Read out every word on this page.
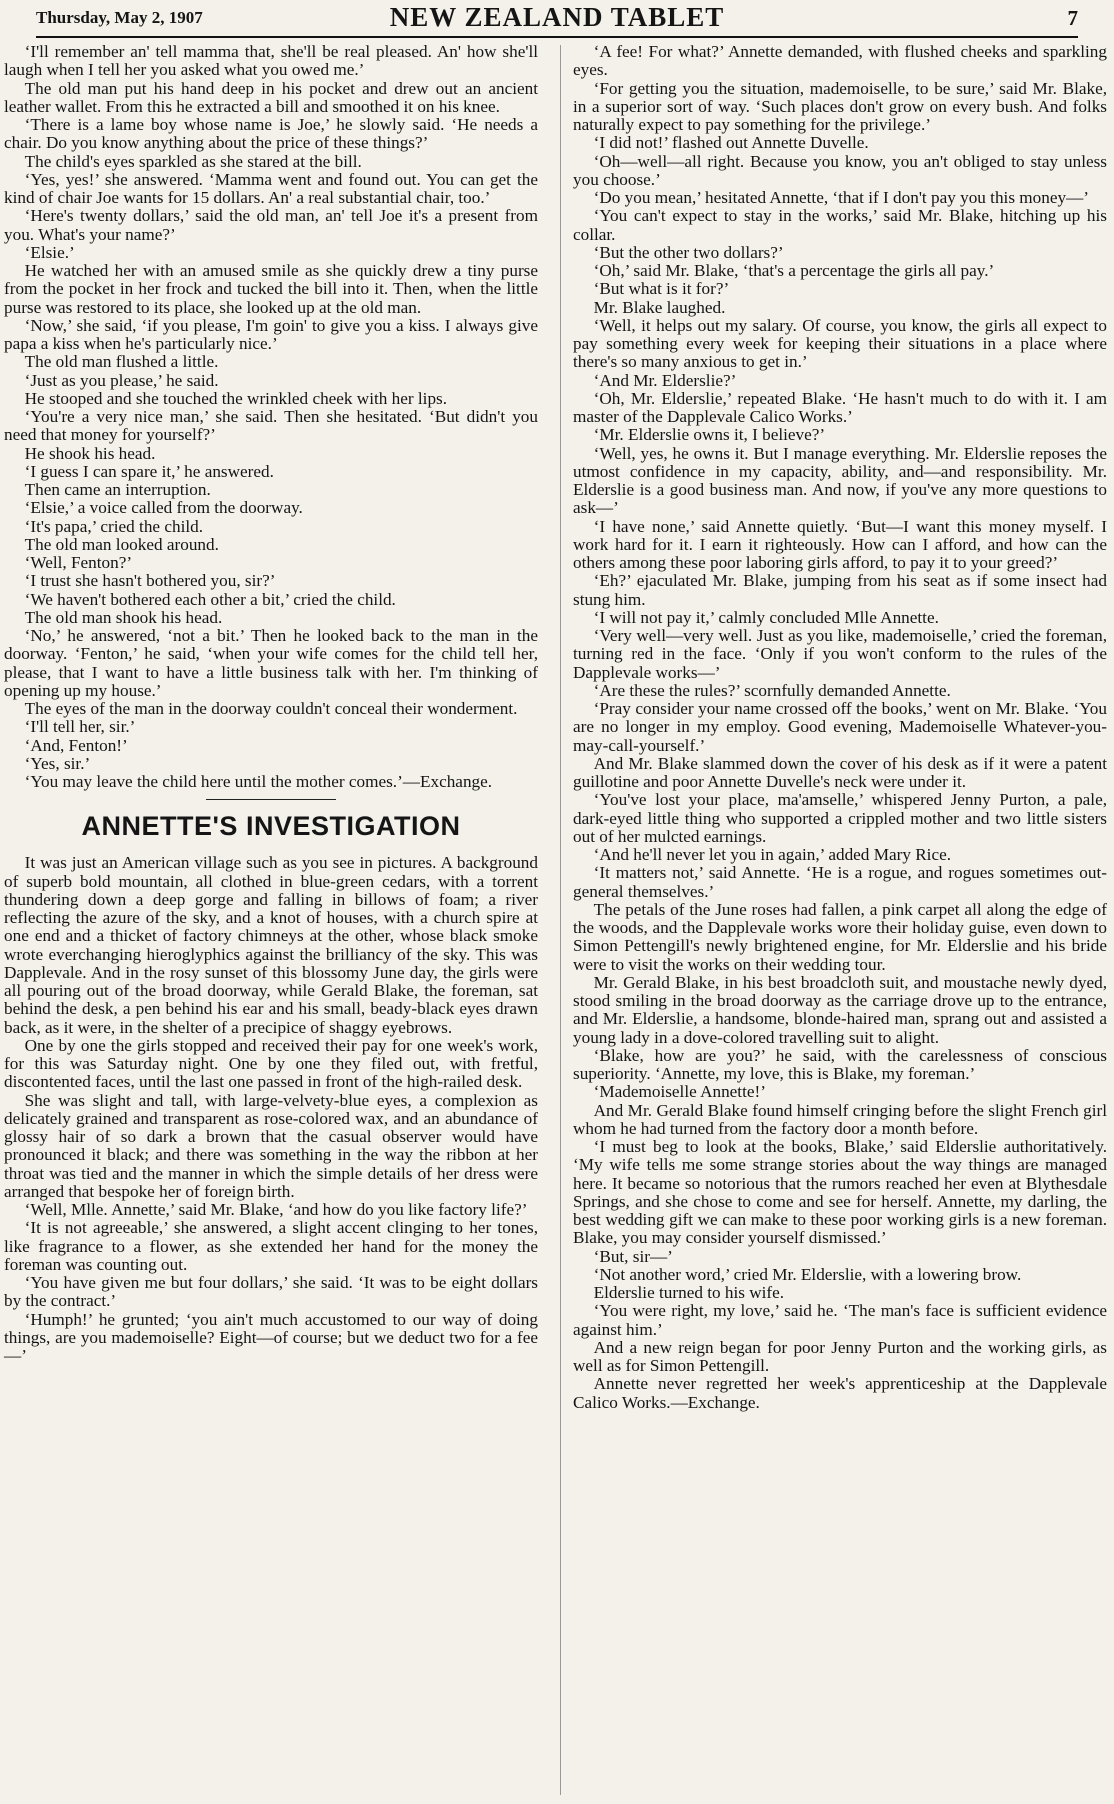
Thursday, May 2, 1907	NEW ZEALAND TABLET	7

‘I'll remember an' tell mamma that, she'll be real pleased. An' how she'll laugh when I tell her you asked what you owed me.’

The old man put his hand deep in his pocket and drew out an ancient leather wallet. From this he extracted a bill and smoothed it on his knee.

‘There is a lame boy whose name is Joe,’ he slowly said. ‘He needs a chair. Do you know anything about the price of these things?’

The child's eyes sparkled as she stared at the bill.

‘Yes, yes!’ she answered. ‘Mamma went and found out. You can get the kind of chair Joe wants for 15 dollars. An' a real substantial chair, too.’

‘Here's twenty dollars,’ said the old man, an' tell Joe it's a present from you. What's your name?’

‘Elsie.’

He watched her with an amused smile as she quickly drew a tiny purse from the pocket in her frock and tucked the bill into it. Then, when the little purse was restored to its place, she looked up at the old man.

‘Now,’ she said, ‘if you please, I'm goin' to give you a kiss. I always give papa a kiss when he's particularly nice.’

The old man flushed a little.

‘Just as you please,’ he said.

He stooped and she touched the wrinkled cheek with her lips.

‘You're a very nice man,’ she said. Then she hesitated. ‘But didn't you need that money for yourself?’

He shook his head.

‘I guess I can spare it,’ he answered.

Then came an interruption.

‘Elsie,’ a voice called from the doorway.

‘It's papa,’ cried the child.

The old man looked around.

‘Well, Fenton?’

‘I trust she hasn't bothered you, sir?’

‘We haven't bothered each other a bit,’ cried the child.

The old man shook his head.

‘No,’ he answered, ‘not a bit.’ Then he looked back to the man in the doorway. ‘Fenton,’ he said, ‘when your wife comes for the child tell her, please, that I want to have a little business talk with her. I'm thinking of opening up my house.’

The eyes of the man in the doorway couldn't conceal their wonderment.

‘I'll tell her, sir.’

‘And, Fenton!’

‘Yes, sir.’

‘You may leave the child here until the mother comes.’—Exchange.

ANNETTE'S INVESTIGATION

It was just an American village such as you see in pictures. A background of superb bold mountain, all clothed in blue-green cedars, with a torrent thundering down a deep gorge and falling in billows of foam; a river reflecting the azure of the sky, and a knot of houses, with a church spire at one end and a thicket of factory chimneys at the other, whose black smoke wrote everchanging hieroglyphics against the brilliancy of the sky. This was Dapplevale. And in the rosy sunset of this blossomy June day, the girls were all pouring out of the broad doorway, while Gerald Blake, the foreman, sat behind the desk, a pen behind his ear and his small, beady-black eyes drawn back, as it were, in the shelter of a precipice of shaggy eyebrows.

One by one the girls stopped and received their pay for one week's work, for this was Saturday night. One by one they filed out, with fretful, discontented faces, until the last one passed in front of the high-railed desk.

She was slight and tall, with large-velvety-blue eyes, a complexion as delicately grained and transparent as rose-colored wax, and an abundance of glossy hair of so dark a brown that the casual observer would have pronounced it black; and there was something in the way the ribbon at her throat was tied and the manner in which the simple details of her dress were arranged that bespoke her of foreign birth.

‘Well, Mlle. Annette,’ said Mr. Blake, ‘and how do you like factory life?’

‘It is not agreeable,’ she answered, a slight accent clinging to her tones, like fragrance to a flower, as she extended her hand for the money the foreman was counting out.

‘You have given me but four dollars,’ she said. ‘It was to be eight dollars by the contract.’

‘Humph!’ he grunted; ‘you ain't much accustomed to our way of doing things, are you mademoiselle? Eight—of course; but we deduct two for a fee—’

‘A fee! For what?’ Annette demanded, with flushed cheeks and sparkling eyes.

‘For getting you the situation, mademoiselle, to be sure,’ said Mr. Blake, in a superior sort of way. ‘Such places don't grow on every bush. And folks naturally expect to pay something for the privilege.’

‘I did not!’ flashed out Annette Duvelle.

‘Oh—well—all right. Because you know, you an't obliged to stay unless you choose.’

‘Do you mean,’ hesitated Annette, ‘that if I don't pay you this money—’

‘You can't expect to stay in the works,’ said Mr. Blake, hitching up his collar.

‘But the other two dollars?’

‘Oh,’ said Mr. Blake, ‘that's a percentage the girls all pay.’

‘But what is it for?’

Mr. Blake laughed.

‘Well, it helps out my salary. Of course, you know, the girls all expect to pay something every week for keeping their situations in a place where there's so many anxious to get in.’

‘And Mr. Elderslie?’

‘Oh, Mr. Elderslie,’ repeated Blake. ‘He hasn't much to do with it. I am master of the Dapplevale Calico Works.’

‘Mr. Elderslie owns it, I believe?’

‘Well, yes, he owns it. But I manage everything. Mr. Elderslie reposes the utmost confidence in my capacity, ability, and—and responsibility. Mr. Elderslie is a good business man. And now, if you've any more questions to ask—’

‘I have none,’ said Annette quietly. ‘But—I want this money myself. I work hard for it. I earn it righteously. How can I afford, and how can the others among these poor laboring girls afford, to pay it to your greed?’

‘Eh?’ ejaculated Mr. Blake, jumping from his seat as if some insect had stung him.

‘I will not pay it,’ calmly concluded Mlle Annette.

‘Very well—very well. Just as you like, mademoiselle,’ cried the foreman, turning red in the face. ‘Only if you won't conform to the rules of the Dapplevale works—’

‘Are these the rules?’ scornfully demanded Annette.

‘Pray consider your name crossed off the books,’ went on Mr. Blake. ‘You are no longer in my employ. Good evening, Mademoiselle Whatever-you-may-call-yourself.’

And Mr. Blake slammed down the cover of his desk as if it were a patent guillotine and poor Annette Duvelle's neck were under it.

‘You've lost your place, ma'amselle,’ whispered Jenny Purton, a pale, dark-eyed little thing who supported a crippled mother and two little sisters out of her mulcted earnings.

‘And he'll never let you in again,’ added Mary Rice.

‘It matters not,’ said Annette. ‘He is a rogue, and rogues sometimes out-general themselves.’

The petals of the June roses had fallen, a pink carpet all along the edge of the woods, and the Dapplevale works wore their holiday guise, even down to Simon Pettengill's newly brightened engine, for Mr. Elderslie and his bride were to visit the works on their wedding tour.

Mr. Gerald Blake, in his best broadcloth suit, and moustache newly dyed, stood smiling in the broad doorway as the carriage drove up to the entrance, and Mr. Elderslie, a handsome, blonde-haired man, sprang out and assisted a young lady in a dove-colored travelling suit to alight.

‘Blake, how are you?’ he said, with the carelessness of conscious superiority. ‘Annette, my love, this is Blake, my foreman.’

‘Mademoiselle Annette!’

And Mr. Gerald Blake found himself cringing before the slight French girl whom he had turned from the factory door a month before.

‘I must beg to look at the books, Blake,’ said Elderslie authoritatively. ‘My wife tells me some strange stories about the way things are managed here. It became so notorious that the rumors reached her even at Blythesdale Springs, and she chose to come and see for herself. Annette, my darling, the best wedding gift we can make to these poor working girls is a new foreman. Blake, you may consider yourself dismissed.’

‘But, sir—’

‘Not another word,’ cried Mr. Elderslie, with a lowering brow.

Elderslie turned to his wife.

‘You were right, my love,’ said he. ‘The man's face is sufficient evidence against him.’

And a new reign began for poor Jenny Purton and the working girls, as well as for Simon Pettengill.

Annette never regretted her week's apprenticeship at the Dapplevale Calico Works.—Exchange.
